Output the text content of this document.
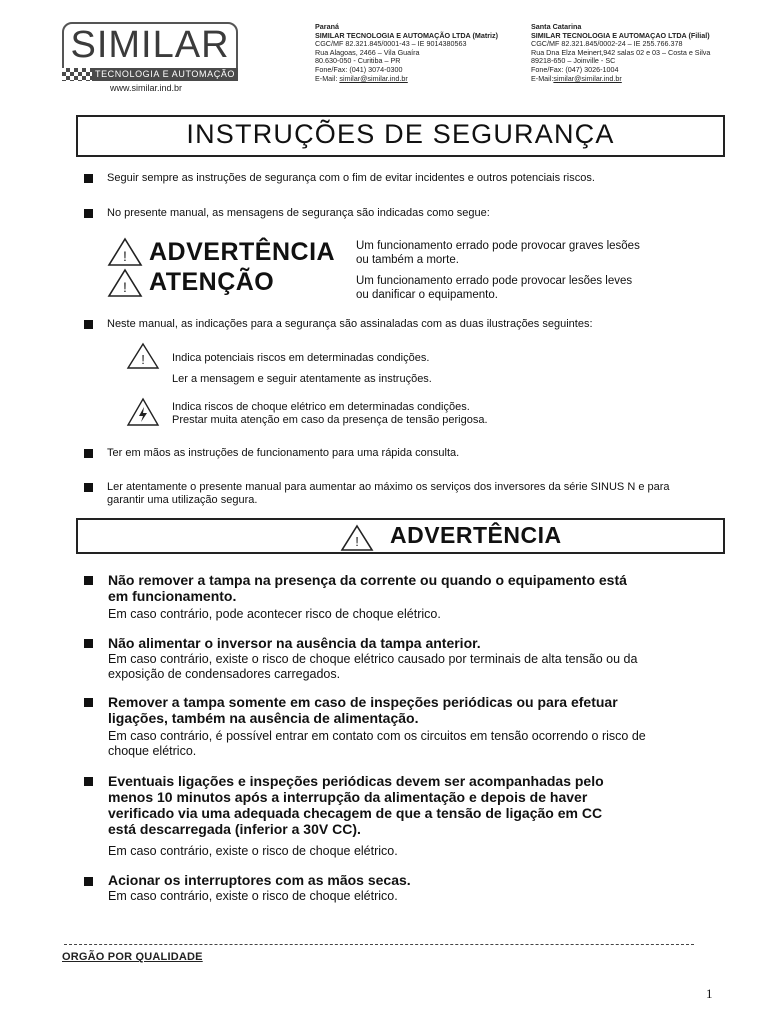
SIMILAR
TECNOLOGIA E AUTOMAÇÃO
www.similar.ind.br
Paraná
SIMILAR TECNOLOGIA E AUTOMAÇÃO LTDA (Matriz)
CGC/MF 82.321.845/0001-43 – IE 9014380563
Rua Alagoas, 2466 – Vila Guaíra
80.630-050 - Curitiba – PR
Fone/Fax: (041) 3074-0300
E-Mail: similar@similar.ind.br
Santa Catarina
SIMILAR TECNOLOGIA E AUTOMAÇAO LTDA (Filial)
CGC/MF 82.321.845/0002-24 – IE 255.766.378
Rua Dna Elza Meinert,942 salas 02 e 03 – Costa e Silva
89218-650 – Joinville - SC
Fone/Fax: (047) 3026-1004
E-Mail:similar@similar.ind.br
INSTRUÇÕES DE SEGURANÇA
Seguir sempre as instruções de segurança com o fim de evitar incidentes e outros potenciais riscos.
No presente manual, as mensagens de segurança são indicadas como segue:
! ADVERTÊNCIA Um funcionamento errado pode provocar graves lesões
ou também a morte.
! ATENÇÃO	Um funcionamento errado pode provocar lesões leves
ou danificar o equipamento.
Neste manual, as indicações para a segurança são assinaladas com as duas ilustrações seguintes:
! Indica potenciais riscos em determinadas condições.
Ler a mensagem e seguir atentamente as instruções.
Indica riscos de choque elétrico em determinadas condições.
Prestar muita atenção em caso da presença de tensão perigosa.
Ter em mãos as instruções de funcionamento para uma rápida consulta.
Ler atentamente o presente manual para aumentar ao máximo os serviços dos inversores da série SINUS N e para
garantir uma utilização segura.
! ADVERTÊNCIA
Não remover a tampa na presença da corrente ou quando o equipamento está
em funcionamento.
Em caso contrário, pode acontecer risco de choque elétrico.
Não alimentar o inversor na ausência da tampa anterior.
Em caso contrário, existe o risco de choque elétrico causado por terminais de alta tensão ou da
exposição de condensadores carregados.
Remover a tampa somente em caso de inspeções periódicas ou para efetuar
ligações, também na ausência de alimentação.
Em caso contrário, é possível entrar em contato com os circuitos em tensão ocorrendo o risco de
choque elétrico.
Eventuais ligações e inspeções periódicas devem ser acompanhadas pelo
menos 10 minutos após a interrupção da alimentação e depois de haver
verificado via uma adequada checagem de que a tensão de ligação em CC
está descarregada (inferior a 30V CC).
Em caso contrário, existe o risco de choque elétrico.
Acionar os interruptores com as mãos secas.
Em caso contrário, existe o risco de choque elétrico.
ORGÃO POR QUALIDADE
1
